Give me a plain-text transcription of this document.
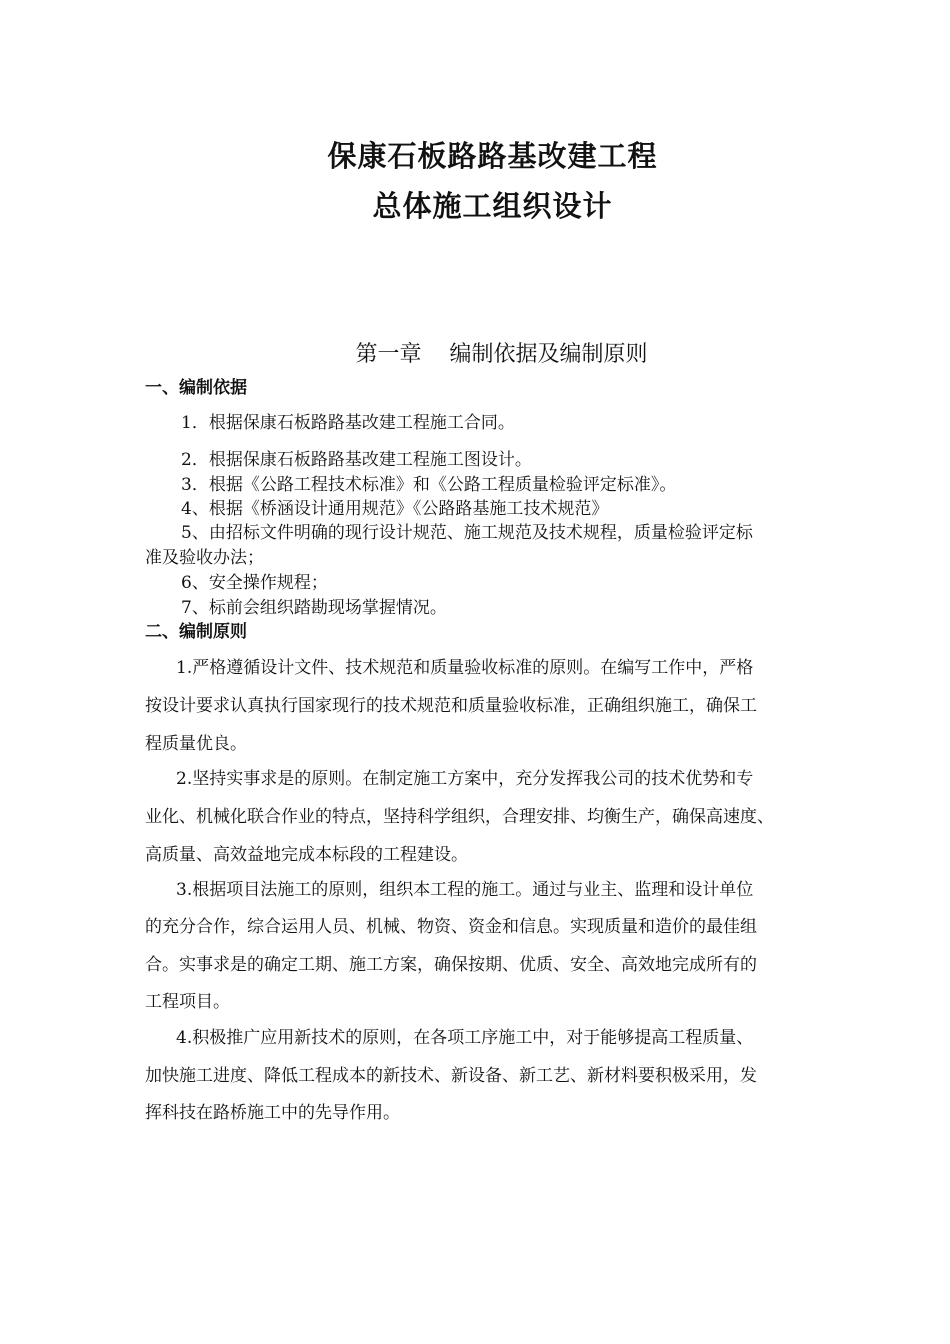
保康石板路路基改建工程
总体施工组织设计
第一章    编制依据及编制原则
一、编制依据
1．根据保康石板路路基改建工程施工合同。
2．根据保康石板路路基改建工程施工图设计。
3．根据《公路工程技术标准》和《公路工程质量检验评定标准》。
4、根据《桥涵设计通用规范》《公路路基施工技术规范》
5、由招标文件明确的现行设计规范、施工规范及技术规程，质量检验评定标
准及验收办法；
6、安全操作规程；
7、标前会组织踏勘现场掌握情况。
二、编制原则
1.严格遵循设计文件、技术规范和质量验收标准的原则。在编写工作中，严格
按设计要求认真执行国家现行的技术规范和质量验收标准，正确组织施工，确保工
程质量优良。
2.坚持实事求是的原则。在制定施工方案中，充分发挥我公司的技术优势和专
业化、机械化联合作业的特点，坚持科学组织，合理安排、均衡生产，确保高速度、
高质量、高效益地完成本标段的工程建设。
3.根据项目法施工的原则，组织本工程的施工。通过与业主、监理和设计单位
的充分合作，综合运用人员、机械、物资、资金和信息。实现质量和造价的最佳组
合。实事求是的确定工期、施工方案，确保按期、优质、安全、高效地完成所有的
工程项目。
4.积极推广应用新技术的原则，在各项工序施工中，对于能够提高工程质量、
加快施工进度、降低工程成本的新技术、新设备、新工艺、新材料要积极采用，发
挥科技在路桥施工中的先导作用。
